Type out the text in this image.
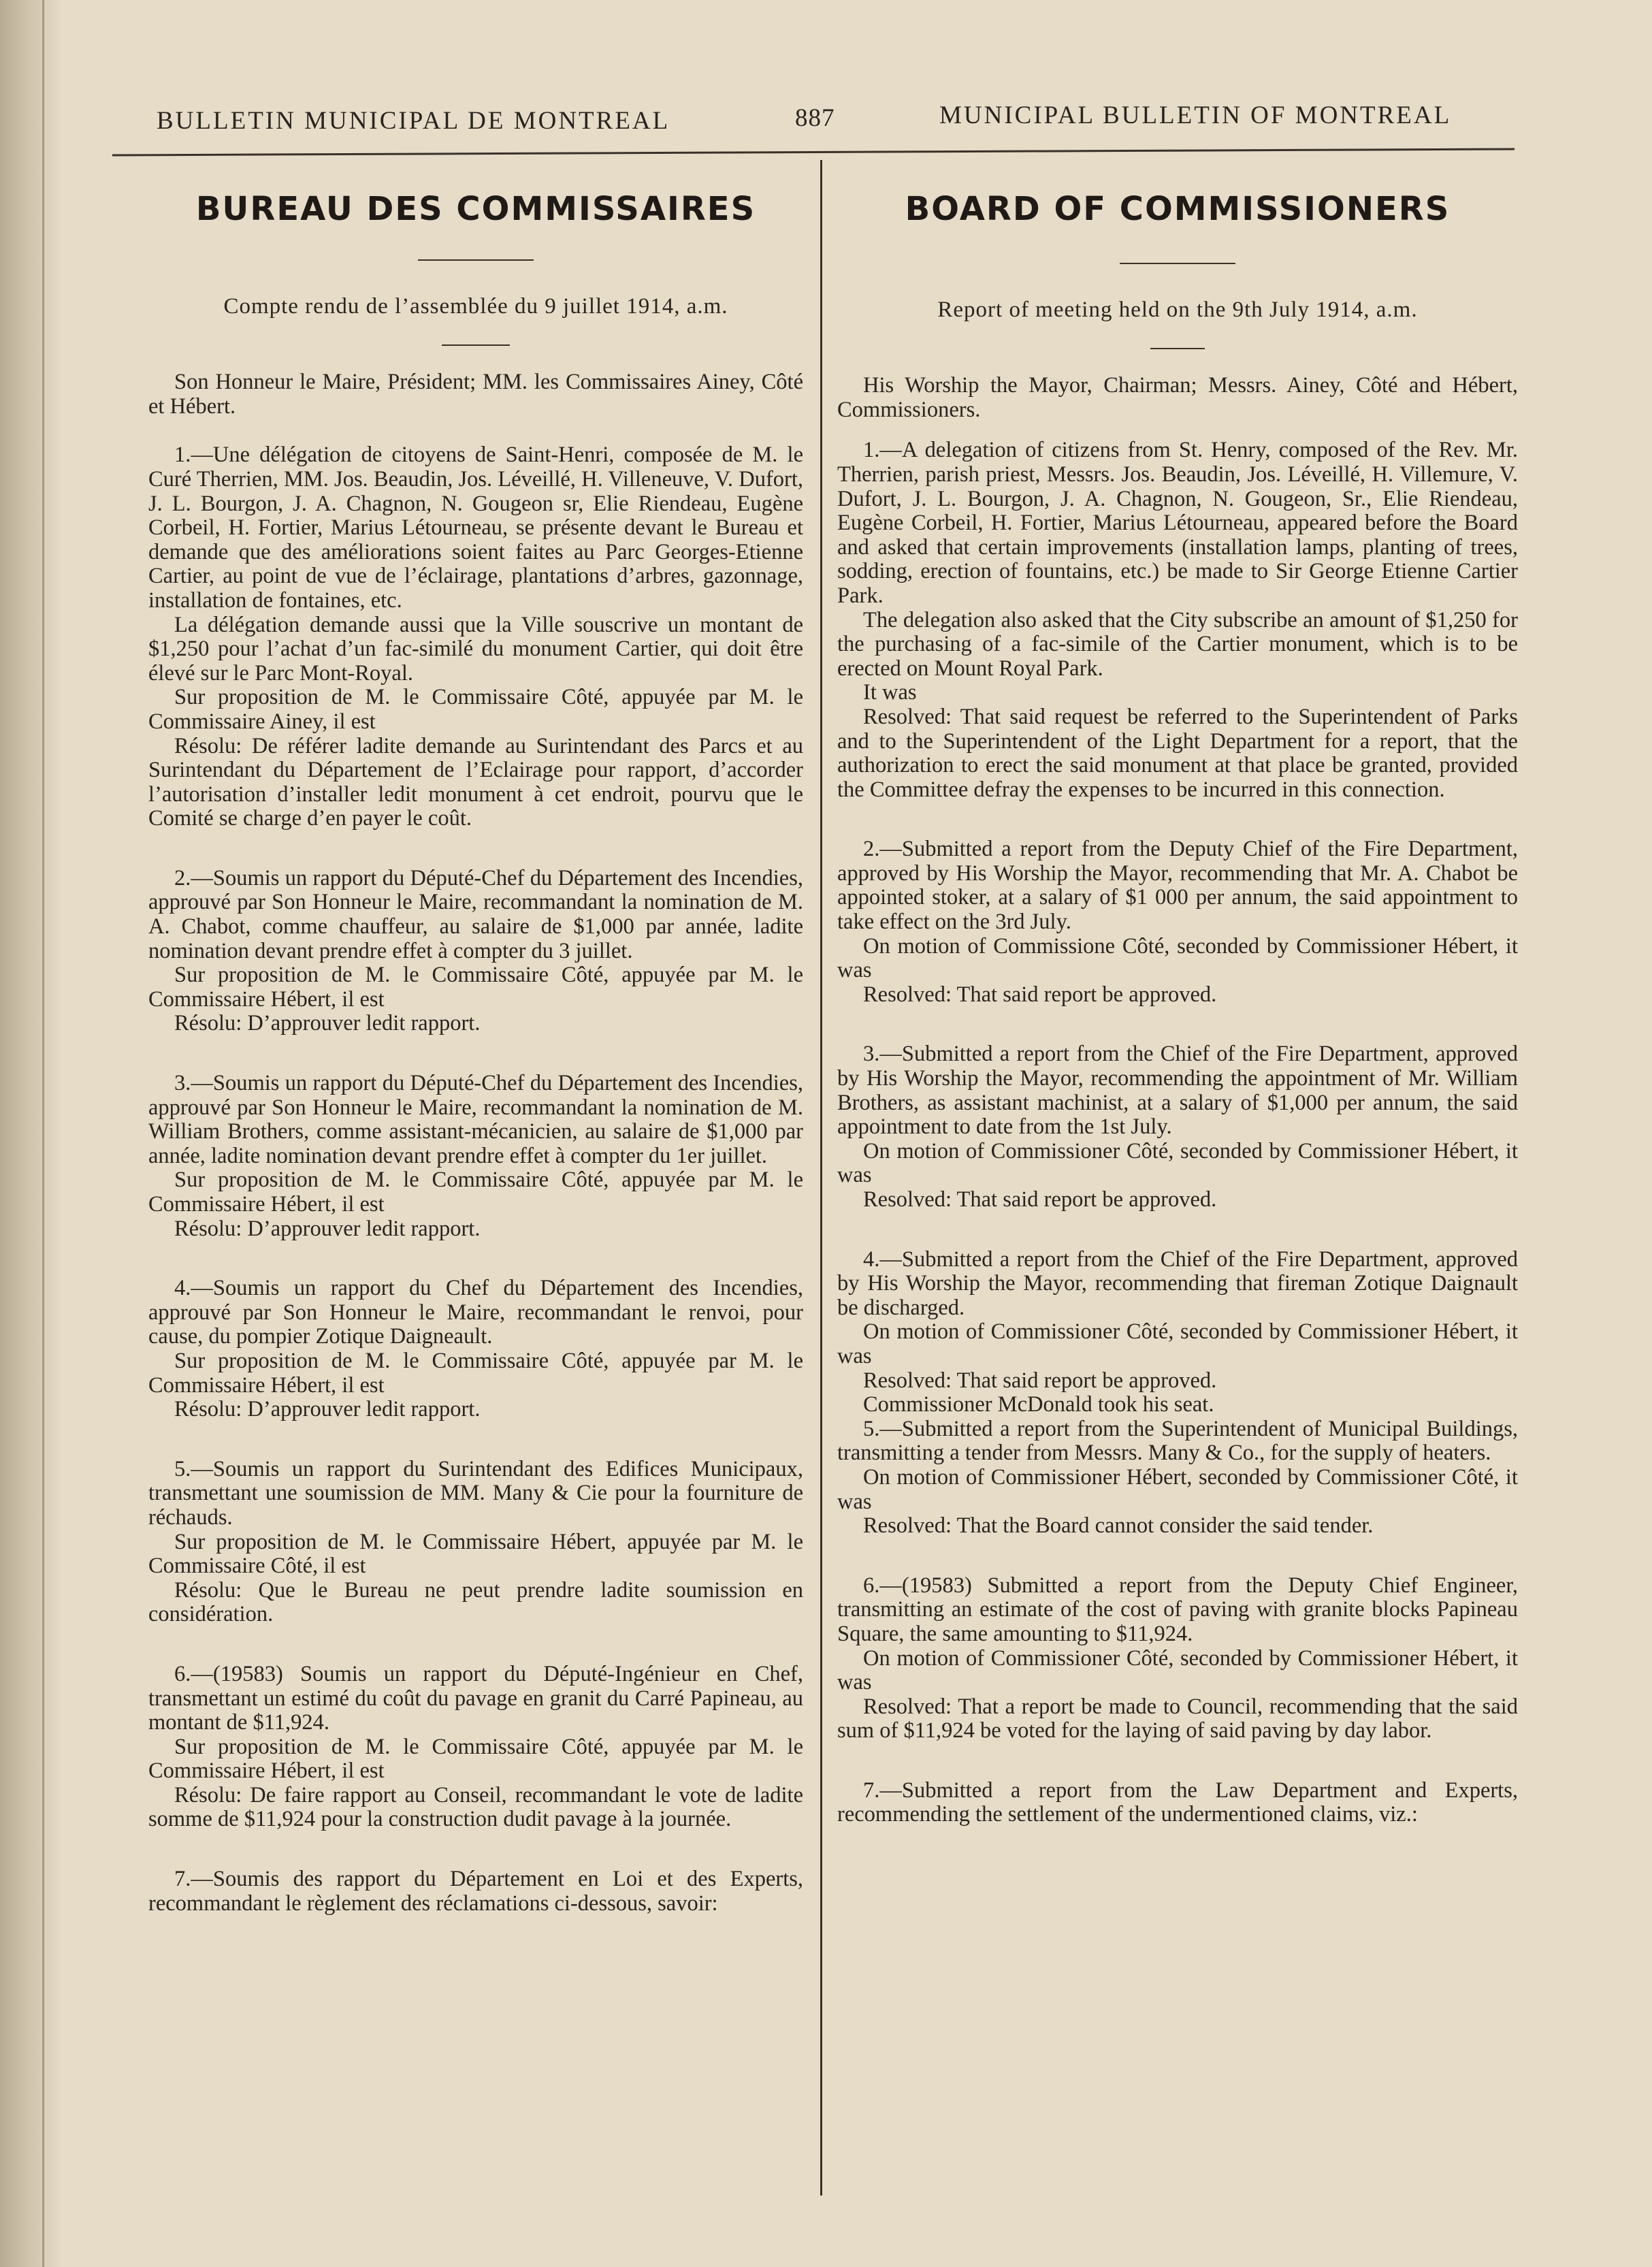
BULLETIN MUNICIPAL DE MONTREAL	887	MUNICIPAL BULLETIN OF MONTREAL
BUREAU DES COMMISSAIRES

Compte rendu de l’assemblée du 9 juillet 1914, a.m.

Son Honneur le Maire, Président; MM. les Commissaires Ainey, Côté et Hébert.

1.—Une délégation de citoyens de Saint-Henri, composée de M. le Curé Therrien, MM. Jos. Beaudin, Jos. Léveillé, H. Villeneuve, V. Dufort, J. L. Bourgon, J. A. Chagnon, N. Gougeon sr, Elie Riendeau, Eugène Corbeil, H. Fortier, Marius Létourneau, se présente devant le Bureau et demande que des améliorations soient faites au Parc Georges-Etienne Cartier, au point de vue de l’éclairage, plantations d’arbres, gazonnage, installation de fontaines, etc.

La délégation demande aussi que la Ville souscrive un montant de $1,250 pour l’achat d’un fac-similé du monument Cartier, qui doit être élevé sur le Parc Mont-Royal.

Sur proposition de M. le Commissaire Côté, appuyée par M. le Commissaire Ainey, il est

Résolu: De référer ladite demande au Surintendant des Parcs et au Surintendant du Département de l’Eclairage pour rapport, d’accorder l’autorisation d’installer ledit monument à cet endroit, pourvu que le Comité se charge d’en payer le coût.

2.—Soumis un rapport du Député-Chef du Département des Incendies, approuvé par Son Honneur le Maire, recommandant la nomination de M. A. Chabot, comme chauffeur, au salaire de $1,000 par année, ladite nomination devant prendre effet à compter du 3 juillet.

Sur proposition de M. le Commissaire Côté, appuyée par M. le Commissaire Hébert, il est

Résolu: D’approuver ledit rapport.

3.—Soumis un rapport du Député-Chef du Département des Incendies, approuvé par Son Honneur le Maire, recommandant la nomination de M. William Brothers, comme assistant-mécanicien, au salaire de $1,000 par année, ladite nomination devant prendre effet à compter du 1er juillet.

Sur proposition de M. le Commissaire Côté, appuyée par M. le Commissaire Hébert, il est

Résolu: D’approuver ledit rapport.

4.—Soumis un rapport du Chef du Département des Incendies, approuvé par Son Honneur le Maire, recommandant le renvoi, pour cause, du pompier Zotique Daigneault.

Sur proposition de M. le Commissaire Côté, appuyée par M. le Commissaire Hébert, il est

Résolu: D’approuver ledit rapport.

5.—Soumis un rapport du Surintendant des Edifices Municipaux, transmettant une soumission de MM. Many & Cie pour la fourniture de réchauds.

Sur proposition de M. le Commissaire Hébert, appuyée par M. le Commissaire Côté, il est

Résolu: Que le Bureau ne peut prendre ladite soumission en considération.

6.—(19583) Soumis un rapport du Député-Ingénieur en Chef, transmettant un estimé du coût du pavage en granit du Carré Papineau, au montant de $11,924.

Sur proposition de M. le Commissaire Côté, appuyée par M. le Commissaire Hébert, il est

Résolu: De faire rapport au Conseil, recommandant le vote de ladite somme de $11,924 pour la construction dudit pavage à la journée.

7.—Soumis des rapport du Département en Loi et des Experts, recommandant le règlement des réclamations ci-dessous, savoir:

BOARD OF COMMISSIONERS

Report of meeting held on the 9th July 1914, a.m.

His Worship the Mayor, Chairman; Messrs. Ainey, Côté and Hébert, Commissioners.

1.—A delegation of citizens from St. Henry, composed of the Rev. Mr. Therrien, parish priest, Messrs. Jos. Beaudin, Jos. Léveillé, H. Villemure, V. Dufort, J. L. Bourgon, J. A. Chagnon, N. Gougeon, Sr., Elie Riendeau, Eugène Corbeil, H. Fortier, Marius Létourneau, appeared before the Board and asked that certain improvements (installation lamps, planting of trees, sodding, erection of fountains, etc.) be made to Sir George Etienne Cartier Park.

The delegation also asked that the City subscribe an amount of $1,250 for the purchasing of a fac-simile of the Cartier monument, which is to be erected on Mount Royal Park.

It was

Resolved: That said request be referred to the Superintendent of Parks and to the Superintendent of the Light Department for a report, that the authorization to erect the said monument at that place be granted, provided the Committee defray the expenses to be incurred in this connection.

2.—Submitted a report from the Deputy Chief of the Fire Department, approved by His Worship the Mayor, recommending that Mr. A. Chabot be appointed stoker, at a salary of $1 000 per annum, the said appointment to take effect on the 3rd July.

On motion of Commissione Côté, seconded by Commissioner Hébert, it was

Resolved: That said report be approved.

3.—Submitted a report from the Chief of the Fire Department, approved by His Worship the Mayor, recommending the appointment of Mr. William Brothers, as assistant machinist, at a salary of $1,000 per annum, the said appointment to date from the 1st July.

On motion of Commissioner Côté, seconded by Commissioner Hébert, it was

Resolved: That said report be approved.

4.—Submitted a report from the Chief of the Fire Department, approved by His Worship the Mayor, recommending that fireman Zotique Daignault be discharged.

On motion of Commissioner Côté, seconded by Commissioner Hébert, it was

Resolved: That said report be approved.

Commissioner McDonald took his seat.

5.—Submitted a report from the Superintendent of Municipal Buildings, transmitting a tender from Messrs. Many & Co., for the supply of heaters.

On motion of Commissioner Hébert, seconded by Commissioner Côté, it was

Resolved: That the Board cannot consider the said tender.

6.—(19583) Submitted a report from the Deputy Chief Engineer, transmitting an estimate of the cost of paving with granite blocks Papineau Square, the same amounting to $11,924.

On motion of Commissioner Côté, seconded by Commissioner Hébert, it was

Resolved: That a report be made to Council, recommending that the said sum of $11,924 be voted for the laying of said paving by day labor.

7.—Submitted a report from the Law Department and Experts, recommending the settlement of the undermentioned claims, viz.:
